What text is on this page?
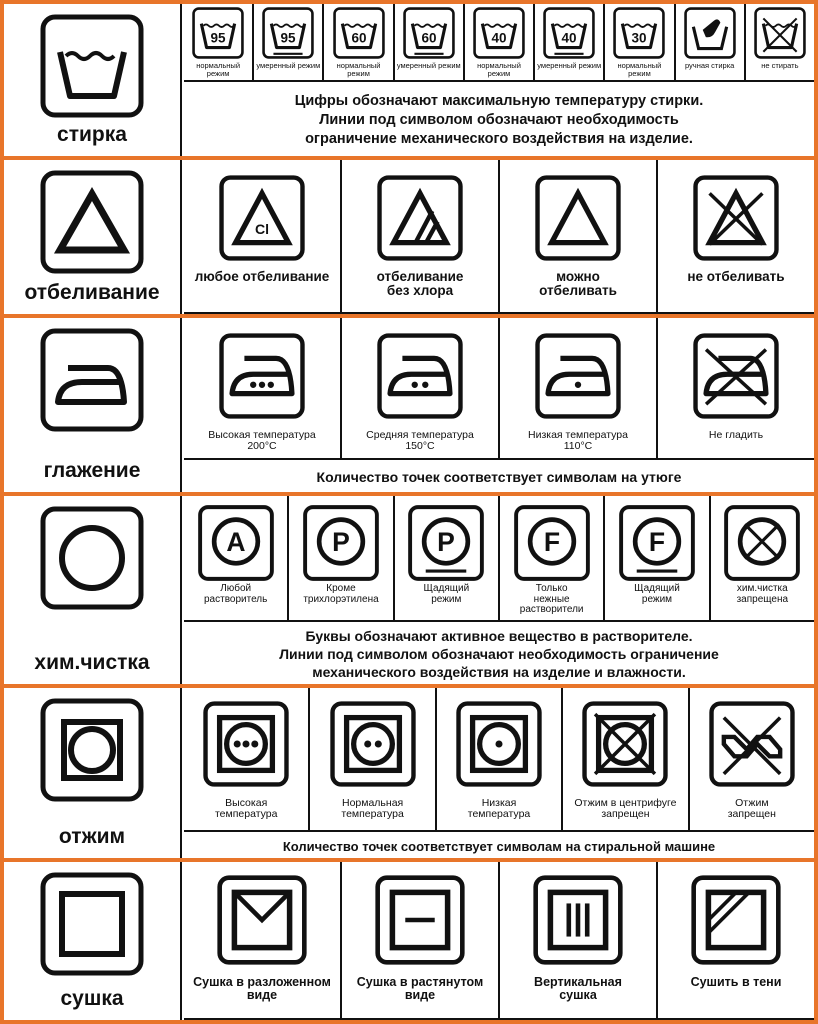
стирка
95
нормальный режим
95
умеренный режим
60
нормальный режим
60
умеренный режим
40
нормальный режим
40
умеренный режим
30
нормальный режим
ручная стирка	не стирать
Цифры обозначают максимальную температуру стирки.
Линии под символом обозначают необходимость
ограничение механического воздействия на изделие.
отбеливание
Cl
любое отбеливание	отбеливание
без хлора
можно
отбеливать
не отбеливать
глажение
Высокая температура
200°C
Средняя температура
150°C
Низкая температура
110°C
Не гладить
Количество точек соответствует символам на утюге
хим.чистка
A
Любой
растворитель
P
Кроме
трихлорэтилена
P
Щадящий
режим
F
Только
нежные
растворители
F
Щадящий
режим
хим.чистка
запрещена
Буквы обозначают активное вещество в растворителе.
Линии под символом обозначают необходимость ограничение
механического воздействия на изделие и влажности.
отжим
Высокая
температура
Нормальная
температура
Низкая
температура
Отжим в центрифуге
запрещен
Отжим
запрещен
Количество точек соответствует символам на стиральной машине
сушка
Сушка в разложенном
виде
Сушка в растянутом
виде
Вертикальная
сушка
Сушить в тени
